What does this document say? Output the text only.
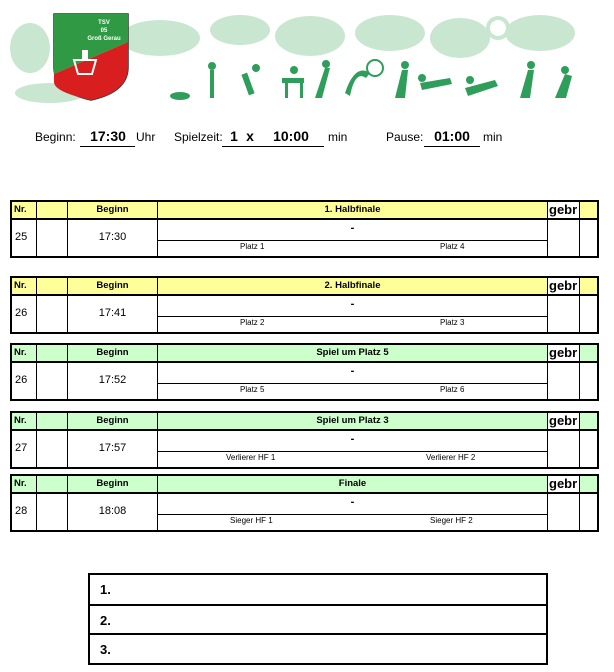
TSV
05
Groß Gerau
Beginn:	17:30 Uhr Spielzeit: 1 x	10:00	min	Pause: 01:00	min
Nr.	Beginn	1. Halbfinale	gebr
25	17:30
-
Platz 1	Platz 4
Nr.	Beginn	2. Halbfinale	gebr
26	17:41
-
Platz 2	Platz 3
Nr.	Beginn	Spiel um Platz 5	gebr
26	17:52
-
Platz 5	Platz 6
Nr.	Beginn	Spiel um Platz 3	gebr
27	17:57
-
Verlierer HF 1	Verlierer HF 2
Nr.	Beginn	Finale	gebr
28	18:08
-
Sieger HF 1	Sieger HF 2
1.
2.
3.
